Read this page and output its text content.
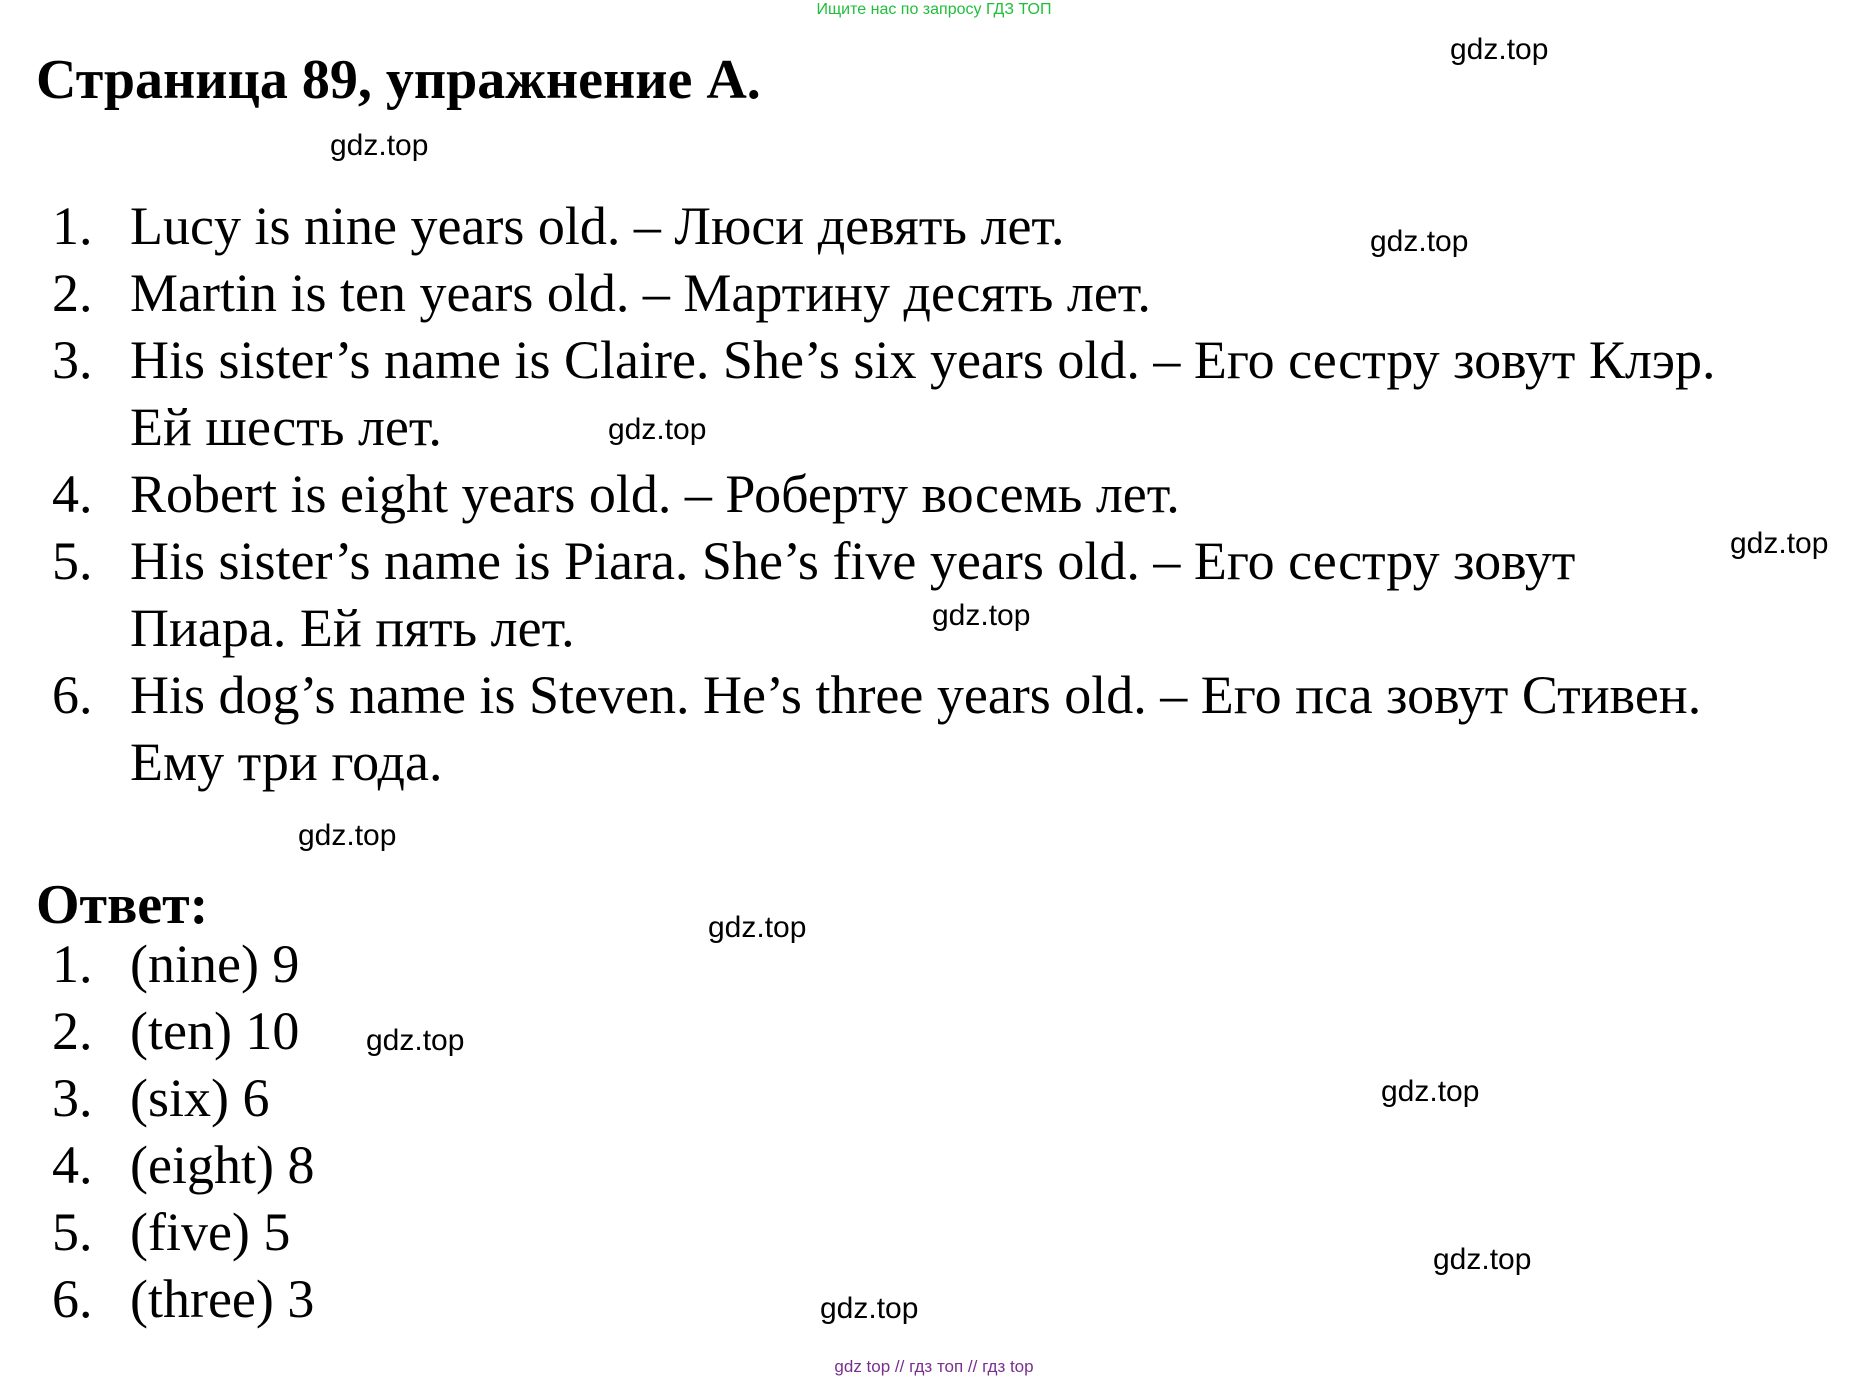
Ищите нас по запросу ГДЗ ТОП
Страница 89, упражнение A.
1. Lucy is nine years old. – Люси девять лет.
2. Martin is ten years old. – Мартину десять лет.
3. His sister’s name is Claire. She’s six years old. – Его сестру зовут Клэр.
Ей шесть лет.
4. Robert is eight years old. – Роберту восемь лет.
5. His sister’s name is Piara. She’s five years old. – Его сестру зовут
Пиара. Ей пять лет.
6. His dog’s name is Steven. He’s three years old. – Его пса зовут Стивен.
Ему три года.
Ответ:
1. (nine) 9
2. (ten) 10
3. (six) 6
4. (eight) 8
5. (five) 5
6. (three) 3
gdz.top
gdz.top
gdz.top
gdz.top
gdz.top
gdz.top
gdz.top
gdz.top
gdz.top
gdz.top
gdz.top
gdz.top
gdz top // гдз топ // гдз top
